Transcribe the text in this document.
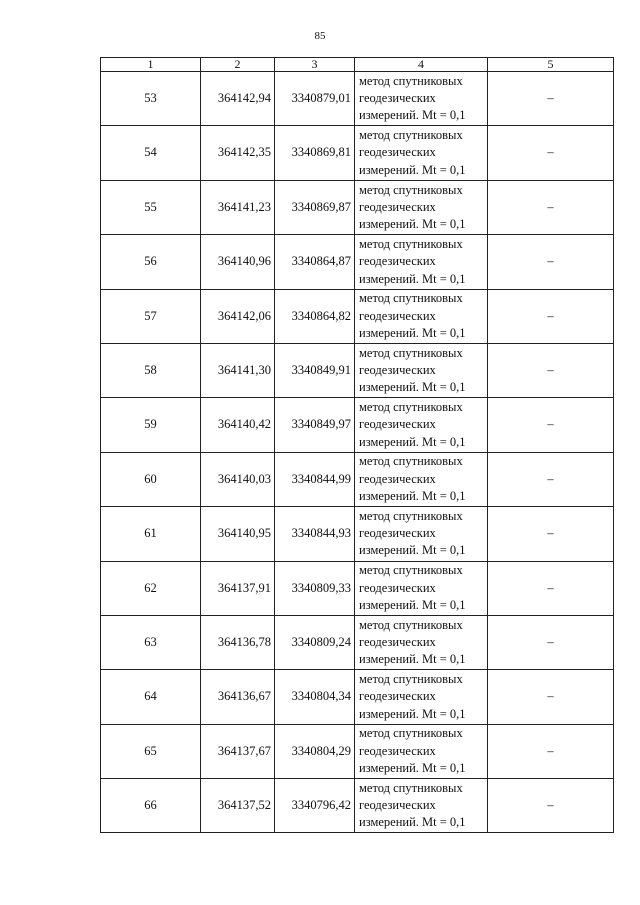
85
1	2	3	4	5
53	364142,94	3340879,01	метод спутниковых
геодезических
измерений. Mt = 0,1	–
54	364142,35	3340869,81	метод спутниковых
геодезических
измерений. Mt = 0,1	–
55	364141,23	3340869,87	метод спутниковых
геодезических
измерений. Mt = 0,1	–
56	364140,96	3340864,87	метод спутниковых
геодезических
измерений. Mt = 0,1	–
57	364142,06	3340864,82	метод спутниковых
геодезических
измерений. Mt = 0,1	–
58	364141,30	3340849,91	метод спутниковых
геодезических
измерений. Mt = 0,1	–
59	364140,42	3340849,97	метод спутниковых
геодезических
измерений. Mt = 0,1	–
60	364140,03	3340844,99	метод спутниковых
геодезических
измерений. Mt = 0,1	–
61	364140,95	3340844,93	метод спутниковых
геодезических
измерений. Mt = 0,1	–
62	364137,91	3340809,33	метод спутниковых
геодезических
измерений. Mt = 0,1	–
63	364136,78	3340809,24	метод спутниковых
геодезических
измерений. Mt = 0,1	–
64	364136,67	3340804,34	метод спутниковых
геодезических
измерений. Mt = 0,1	–
65	364137,67	3340804,29	метод спутниковых
геодезических
измерений. Mt = 0,1	–
66	364137,52	3340796,42	метод спутниковых
геодезических
измерений. Mt = 0,1	–
